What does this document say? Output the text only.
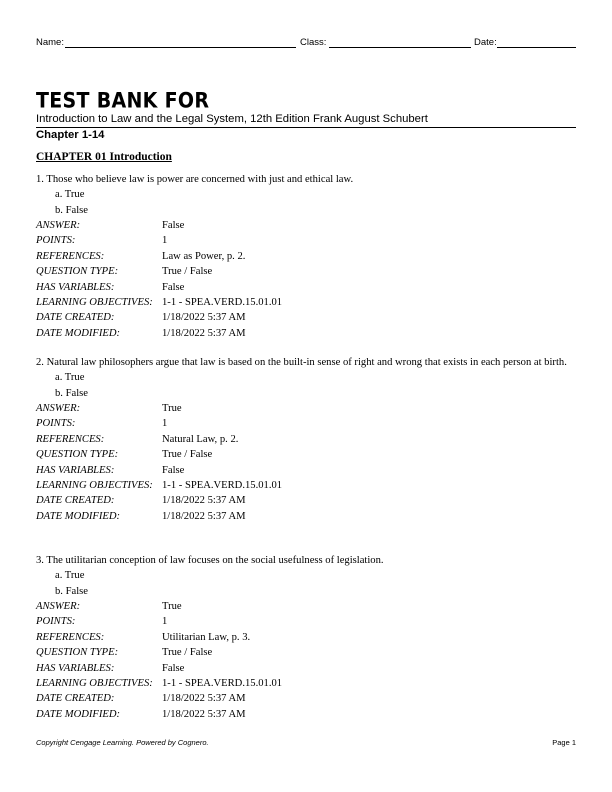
Name:	Class:	Date:
TEST BANK FOR
Introduction to Law and the Legal System, 12th Edition Frank August Schubert
Chapter 1-14
CHAPTER 01 Introduction

1. Those who believe law is power are concerned with just and ethical law.

a. True

b. False

ANSWER:	False
POINTS:	1
REFERENCES:	Law as Power, p. 2.
QUESTION TYPE:	True / False
HAS VARIABLES:	False
LEARNING OBJECTIVES: 1-1 - SPEA.VERD.15.01.01
DATE CREATED:	1/18/2022 5:37 AM
DATE MODIFIED:	1/18/2022 5:37 AM

2. Natural law philosophers argue that law is based on the built-in sense of right and wrong that exists in each person at birth.

a. True

b. False

ANSWER:	True
POINTS:	1
REFERENCES:	Natural Law, p. 2.
QUESTION TYPE:	True / False
HAS VARIABLES:	False
LEARNING OBJECTIVES: 1-1 - SPEA.VERD.15.01.01
DATE CREATED:	1/18/2022 5:37 AM
DATE MODIFIED:	1/18/2022 5:37 AM

3. The utilitarian conception of law focuses on the social usefulness of legislation.

a. True

b. False

ANSWER:	True
POINTS:	1
REFERENCES:	Utilitarian Law, p. 3.
QUESTION TYPE:	True / False
HAS VARIABLES:	False
LEARNING OBJECTIVES: 1-1 - SPEA.VERD.15.01.01
DATE CREATED:	1/18/2022 5:37 AM
DATE MODIFIED:	1/18/2022 5:37 AM
Copyright Cengage Learning. Powered by Cognero.	Page 1
